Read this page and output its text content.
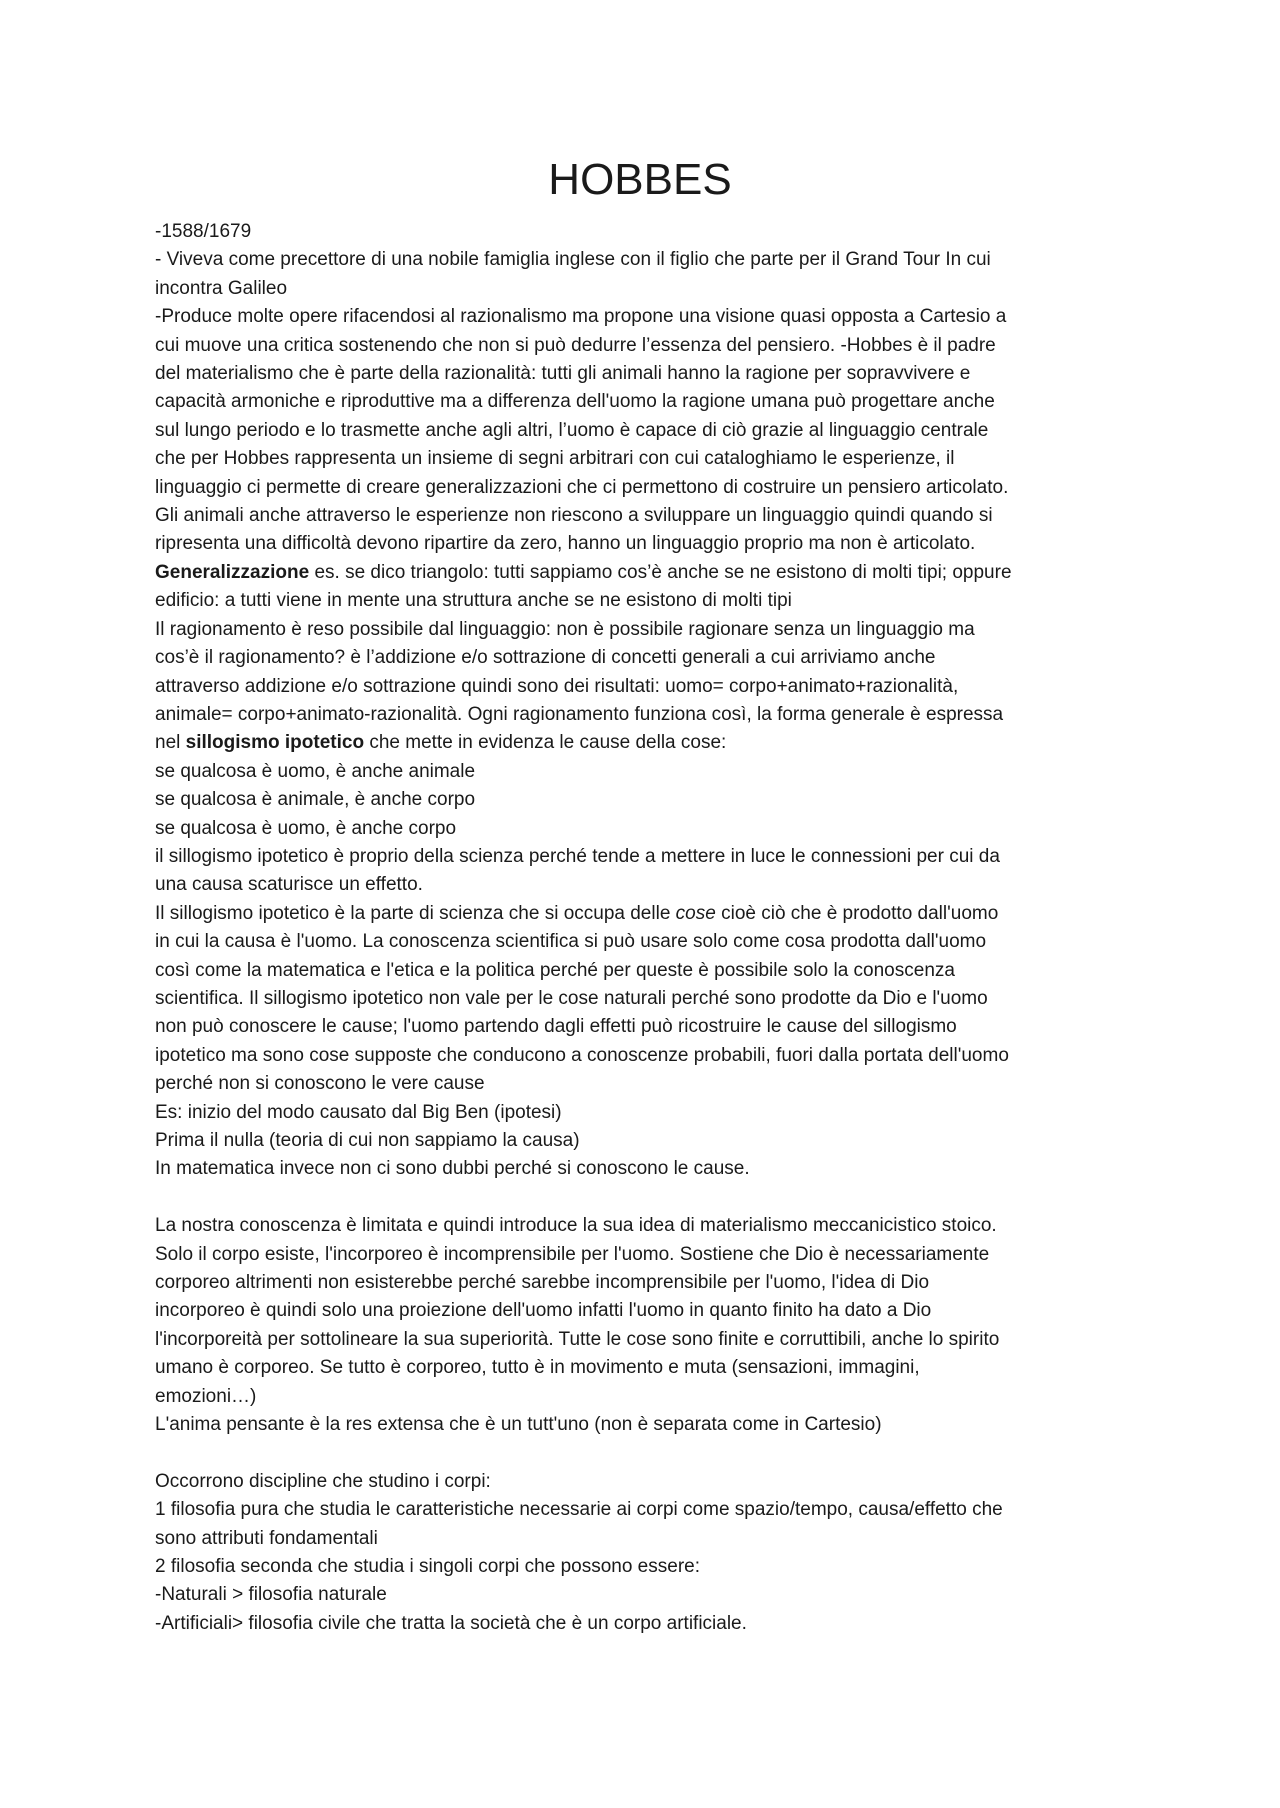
HOBBES

-1588/1679

- Viveva come precettore di una nobile famiglia inglese con il figlio che parte per il Grand Tour In cui

incontra Galileo

-Produce molte opere rifacendosi al razionalismo ma propone una visione quasi opposta a Cartesio a

cui muove una critica sostenendo che non si può dedurre l’essenza del pensiero. -Hobbes è il padre

del materialismo che è parte della razionalità: tutti gli animali hanno la ragione per sopravvivere e

capacità armoniche e riproduttive ma a differenza dell'uomo la ragione umana può progettare anche

sul lungo periodo e lo trasmette anche agli altri, l’uomo è capace di ciò grazie al linguaggio centrale

che per Hobbes rappresenta un insieme di segni arbitrari con cui cataloghiamo le esperienze, il

linguaggio ci permette di creare generalizzazioni che ci permettono di costruire un pensiero articolato.

Gli animali anche attraverso le esperienze non riescono a sviluppare un linguaggio quindi quando si

ripresenta una difficoltà devono ripartire da zero, hanno un linguaggio proprio ma non è articolato.

Generalizzazione es. se dico triangolo: tutti sappiamo cos’è anche se ne esistono di molti tipi; oppure

edificio: a tutti viene in mente una struttura anche se ne esistono di molti tipi

Il ragionamento è reso possibile dal linguaggio: non è possibile ragionare senza un linguaggio ma

cos’è il ragionamento? è l’addizione e/o sottrazione di concetti generali a cui arriviamo anche

attraverso addizione e/o sottrazione quindi sono dei risultati: uomo= corpo+animato+razionalità,

animale= corpo+animato-razionalità. Ogni ragionamento funziona così, la forma generale è espressa

nel sillogismo ipotetico che mette in evidenza le cause della cose:

se qualcosa è uomo, è anche animale

se qualcosa è animale, è anche corpo

se qualcosa è uomo, è anche corpo

il sillogismo ipotetico è proprio della scienza perché tende a mettere in luce le connessioni per cui da

una causa scaturisce un effetto.

Il sillogismo ipotetico è la parte di scienza che si occupa delle cose cioè ciò che è prodotto dall'uomo

in cui la causa è l'uomo. La conoscenza scientifica si può usare solo come cosa prodotta dall'uomo

così come la matematica e l'etica e la politica perché per queste è possibile solo la conoscenza

scientifica. Il sillogismo ipotetico non vale per le cose naturali perché sono prodotte da Dio e l'uomo

non può conoscere le cause; l'uomo partendo dagli effetti può ricostruire le cause del sillogismo

ipotetico ma sono cose supposte che conducono a conoscenze probabili, fuori dalla portata dell'uomo

perché non si conoscono le vere cause

Es: inizio del modo causato dal Big Ben (ipotesi)

Prima il nulla (teoria di cui non sappiamo la causa)

In matematica invece non ci sono dubbi perché si conoscono le cause.

La nostra conoscenza è limitata e quindi introduce la sua idea di materialismo meccanicistico stoico.

Solo il corpo esiste, l'incorporeo è incomprensibile per l'uomo. Sostiene che Dio è necessariamente

corporeo altrimenti non esisterebbe perché sarebbe incomprensibile per l'uomo, l'idea di Dio

incorporeo è quindi solo una proiezione dell'uomo infatti l'uomo in quanto finito ha dato a Dio

l'incorporeità per sottolineare la sua superiorità. Tutte le cose sono finite e corruttibili, anche lo spirito

umano è corporeo. Se tutto è corporeo, tutto è in movimento e muta (sensazioni, immagini,

emozioni…)

L'anima pensante è la res extensa che è un tutt'uno (non è separata come in Cartesio)

Occorrono discipline che studino i corpi:

1 filosofia pura che studia le caratteristiche necessarie ai corpi come spazio/tempo, causa/effetto che

sono attributi fondamentali

2 filosofia seconda che studia i singoli corpi che possono essere:

-Naturali > filosofia naturale

-Artificiali> filosofia civile che tratta la società che è un corpo artificiale.
